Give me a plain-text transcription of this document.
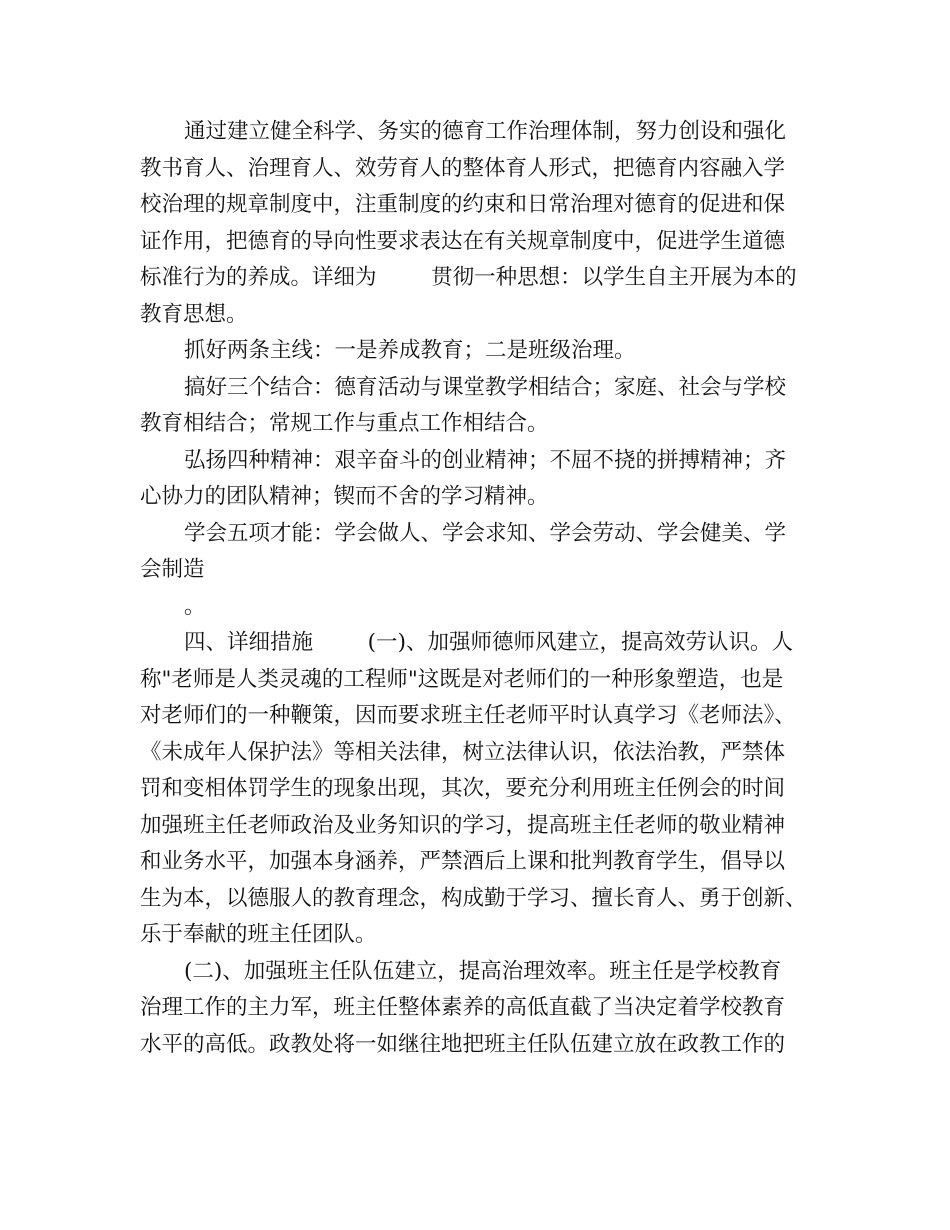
通过建立健全科学、务实的德育工作治理体制，努力创设和强化
教书育人、治理育人、效劳育人的整体育人形式，把德育内容融入学
校治理的规章制度中，注重制度的约束和日常治理对德育的促进和保
证作用，把德育的导向性要求表达在有关规章制度中，促进学生道德
标准行为的养成。详细为        贯彻一种思想：以学生自主开展为本的
教育思想。
抓好两条主线：一是养成教育；二是班级治理。
搞好三个结合：德育活动与课堂教学相结合；家庭、社会与学校
教育相结合；常规工作与重点工作相结合。
弘扬四种精神：艰辛奋斗的创业精神；不屈不挠的拼搏精神；齐
心协力的团队精神；锲而不舍的学习精神。
学会五项才能：学会做人、学会求知、学会劳动、学会健美、学
会制造
。
四、详细措施        (一)、加强师德师风建立，提高效劳认识。人
称"老师是人类灵魂的工程师"这既是对老师们的一种形象塑造，也是
对老师们的一种鞭策，因而要求班主任老师平时认真学习《老师法》、
《未成年人保护法》等相关法律，树立法律认识，依法治教，严禁体
罚和变相体罚学生的现象出现，其次，要充分利用班主任例会的时间
加强班主任老师政治及业务知识的学习，提高班主任老师的敬业精神
和业务水平，加强本身涵养，严禁酒后上课和批判教育学生，倡导以
生为本，以德服人的教育理念，构成勤于学习、擅长育人、勇于创新、
乐于奉献的班主任团队。
(二)、加强班主任队伍建立，提高治理效率。班主任是学校教育
治理工作的主力军，班主任整体素养的高低直截了当决定着学校教育
水平的高低。政教处将一如继往地把班主任队伍建立放在政教工作的
